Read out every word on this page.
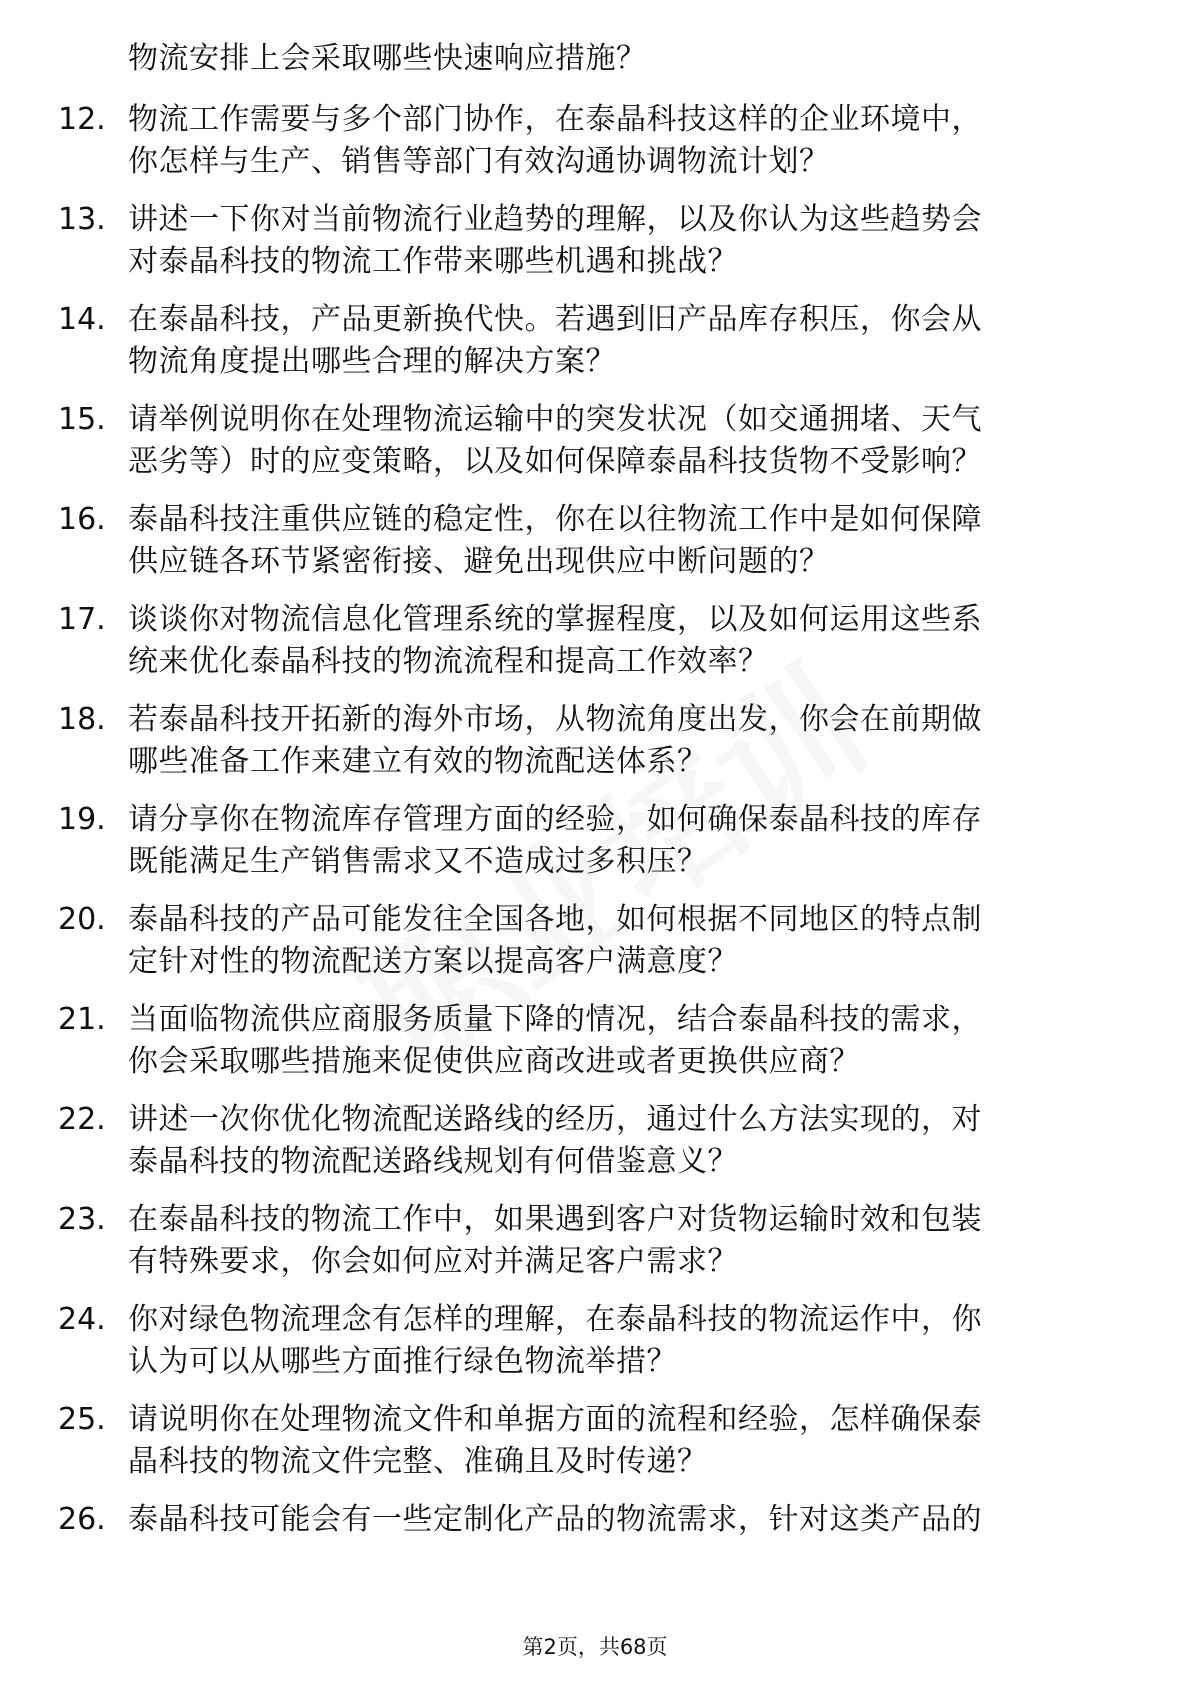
物流安排上会采取哪些快速响应措施？
12. 物流工作需要与多个部门协作，在泰晶科技这样的企业环境中，
你怎样与生产、销售等部门有效沟通协调物流计划？
13. 讲述一下你对当前物流行业趋势的理解，以及你认为这些趋势会
对泰晶科技的物流工作带来哪些机遇和挑战？
14. 在泰晶科技，产品更新换代快。若遇到旧产品库存积压，你会从
物流角度提出哪些合理的解决方案？
15. 请举例说明你在处理物流运输中的突发状况（如交通拥堵、天气
恶劣等）时的应变策略，以及如何保障泰晶科技货物不受影响？
16. 泰晶科技注重供应链的稳定性，你在以往物流工作中是如何保障
供应链各环节紧密衔接、避免出现供应中断问题的？
17. 谈谈你对物流信息化管理系统的掌握程度，以及如何运用这些系
统来优化泰晶科技的物流流程和提高工作效率？
18. 若泰晶科技开拓新的海外市场，从物流角度出发，你会在前期做
哪些准备工作来建立有效的物流配送体系？
19. 请分享你在物流库存管理方面的经验，如何确保泰晶科技的库存
既能满足生产销售需求又不造成过多积压？
20. 泰晶科技的产品可能发往全国各地，如何根据不同地区的特点制
定针对性的物流配送方案以提高客户满意度？
21. 当面临物流供应商服务质量下降的情况，结合泰晶科技的需求，
你会采取哪些措施来促使供应商改进或者更换供应商？
22. 讲述一次你优化物流配送路线的经历，通过什么方法实现的，对
泰晶科技的物流配送路线规划有何借鉴意义？
23. 在泰晶科技的物流工作中，如果遇到客户对货物运输时效和包装
有特殊要求，你会如何应对并满足客户需求？
24. 你对绿色物流理念有怎样的理解，在泰晶科技的物流运作中，你
认为可以从哪些方面推行绿色物流举措？
25. 请说明你在处理物流文件和单据方面的流程和经验，怎样确保泰
晶科技的物流文件完整、准确且及时传递？
26. 泰晶科技可能会有一些定制化产品的物流需求，针对这类产品的
第2页，共68页
